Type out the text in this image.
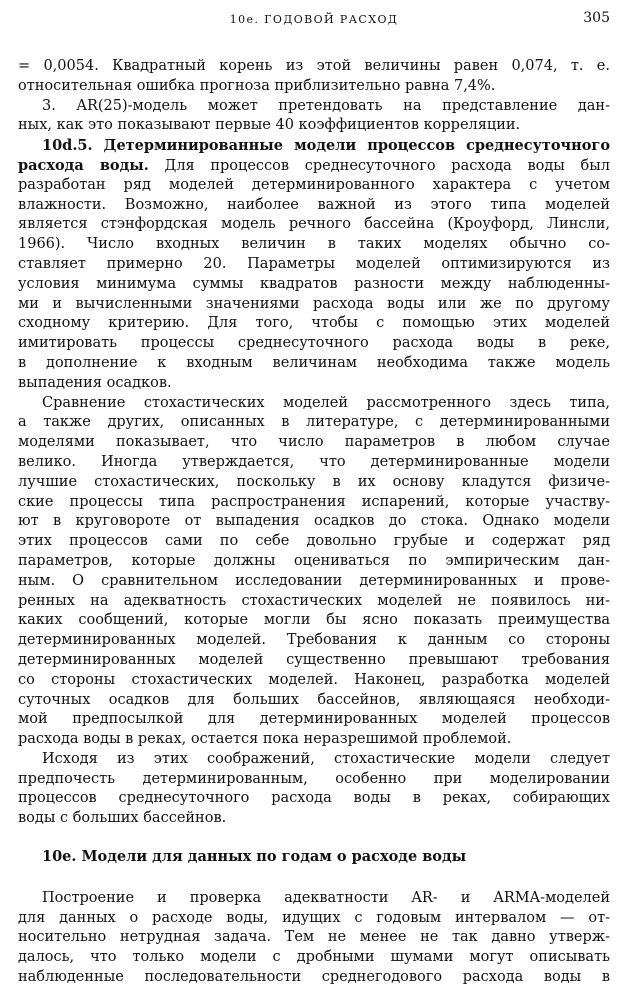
10е. ГОДОВОЙ РАСХОД	305
= 0,0054. Квадратный корень из этой величины равен 0,074, т. е.
относительная ошибка прогноза приблизительно равна 7,4%.
3. AR(25)-модель может претендовать на представление дан-
ных, как это показывают первые 40 коэффициентов корреляции.
10d.5. Детерминированные модели процессов среднесуточного
расхода воды. Для процессов среднесуточного расхода воды был
разработан ряд моделей детерминированного характера с учетом
влажности. Возможно, наиболее важной из этого типа моделей
является стэнфордская модель речного бассейна (Кроуфорд, Линсли,
1966). Число входных величин в таких моделях обычно со-
ставляет примерно 20. Параметры моделей оптимизируются из
условия минимума суммы квадратов разности между наблюденны-
ми и вычисленными значениями расхода воды или же по другому
сходному критерию. Для того, чтобы с помощью этих моделей
имитировать процессы среднесуточного расхода воды в реке,
в дополнение к входным величинам необходима также модель
выпадения осадков.
Сравнение стохастических моделей рассмотренного здесь типа,
а также других, описанных в литературе, с детерминированными
моделями показывает, что число параметров в любом случае
велико. Иногда утверждается, что детерминированные модели
лучшие стохастических, поскольку в их основу кладутся физиче-
ские процессы типа распространения испарений, которые участву-
ют в круговороте от выпадения осадков до стока. Однако модели
этих процессов сами по себе довольно грубые и содержат ряд
параметров, которые должны оцениваться по эмпирическим дан-
ным. О сравнительном исследовании детерминированных и прове-
ренных на адекватность стохастических моделей не появилось ни-
каких сообщений, которые могли бы ясно показать преимущества
детерминированных моделей. Требования к данным со стороны
детерминированных моделей существенно превышают требования
со стороны стохастических моделей. Наконец, разработка моделей
суточных осадков для больших бассейнов, являющаяся необходи-
мой предпосылкой для детерминированных моделей процессов
расхода воды в реках, остается пока неразрешимой проблемой.
Исходя из этих соображений, стохастические модели следует
предпочесть детерминированным, особенно при моделировании
процессов среднесуточного расхода воды в реках, собирающих
воды с больших бассейнов.
10е. Модели для данных по годам о расходе воды
Построение и проверка адекватности AR- и ARMA-моделей
для данных о расходе воды, идущих с годовым интервалом — от-
носительно нетрудная задача. Тем не менее не так давно утверж-
далось, что только модели с дробными шумами могут описывать
наблюденные последовательности среднегодового расхода воды в
